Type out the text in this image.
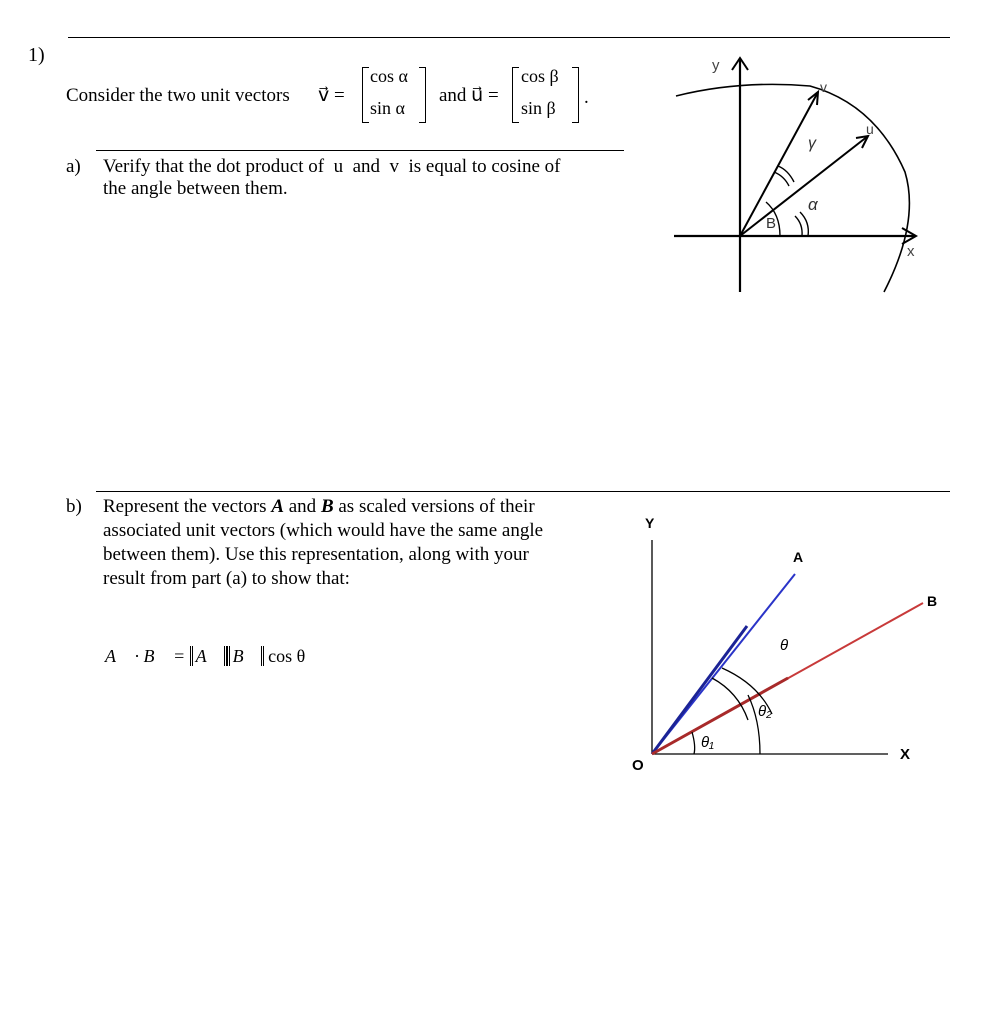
1)
Consider the two unit vectors v⃗ =
cos α
sin α
and u⃗ =
cos β
sin β .
a) Verify that the dot product of  u  and  v  is equal to cosine of
the angle between them.
y
x
v
u
γ
α
B
b) Represent the vectors A and B as scaled versions of their
associated unit vectors (which would have the same angle
between them). Use this representation, along with your
result from part (a) to show that:
A⃗ · B⃗ = A⃗ B⃗ cos θ
Y
X
O
A
B
θ
θ₂
θ₁
